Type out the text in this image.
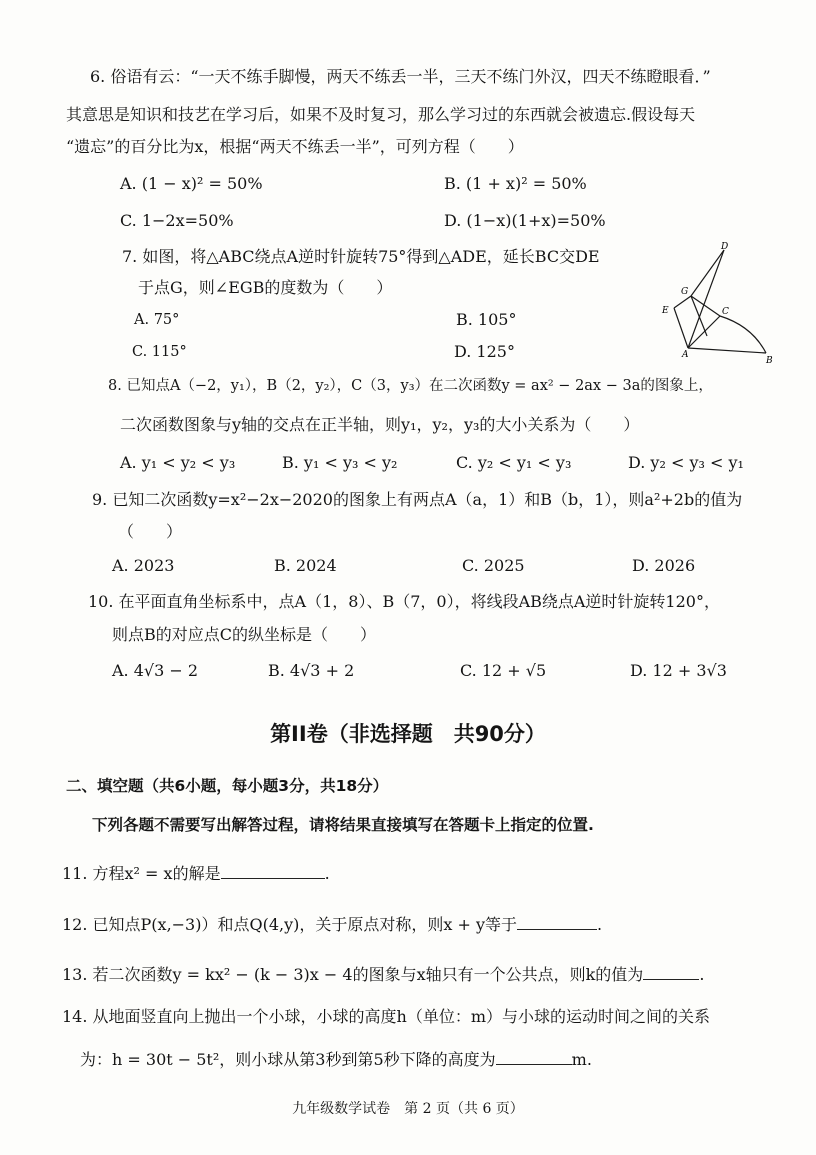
6. 俗语有云：“一天不练手脚慢，两天不练丢一半，三天不练门外汉，四天不练瞪眼看．”
其意思是知识和技艺在学习后，如果不及时复习，那么学习过的东西就会被遗忘.假设每天
“遗忘”的百分比为x，根据“两天不练丢一半”，可列方程（　　）
A. (1 − x)² = 50%	B. (1 + x)² = 50%
C. 1−2x=50%	D. (1−x)(1+x)=50%
7. 如图，将△ABC绕点A逆时针旋转75°得到△ADE，延长BC交DE
于点G，则∠EGB的度数为（　　）
A. 75°	B. 105°
C. 115°	D. 125°
D
G
C
E
A
B
8. 已知点A（−2，y₁），B（2，y₂），C（3，y₃）在二次函数y = ax² − 2ax − 3a的图象上，
二次函数图象与y轴的交点在正半轴，则y₁，y₂，y₃的大小关系为（　　）
A. y₁ < y₂ < y₃	B. y₁ < y₃ < y₂	C. y₂ < y₁ < y₃	D. y₂ < y₃ < y₁
9. 已知二次函数y=x²−2x−2020的图象上有两点A（a，1）和B（b，1），则a²+2b的值为
（　　）
A. 2023	B. 2024	C. 2025	D. 2026
10. 在平面直角坐标系中，点A（1，8）、B（7，0），将线段AB绕点A逆时针旋转120°，
则点B的对应点C的纵坐标是（　　）
A. 4√3 − 2	B. 4√3 + 2	C. 12 + √5	D. 12 + 3√3
第II卷（非选择题　共90分）
二、填空题（共6小题，每小题3分，共18分）
下列各题不需要写出解答过程，请将结果直接填写在答题卡上指定的位置.
11. 方程x² = x的解是	.
12. 已知点P(x,−3)）和点Q(4,y)，关于原点对称，则x + y等于	.
13. 若二次函数y = kx² − (k − 3)x − 4的图象与x轴只有一个公共点，则k的值为	.
14. 从地面竖直向上抛出一个小球，小球的高度h（单位：m）与小球的运动时间之间的关系
为：h = 30t − 5t²，则小球从第3秒到第5秒下降的高度为	m.
九年级数学试卷　第 2 页（共 6 页）
